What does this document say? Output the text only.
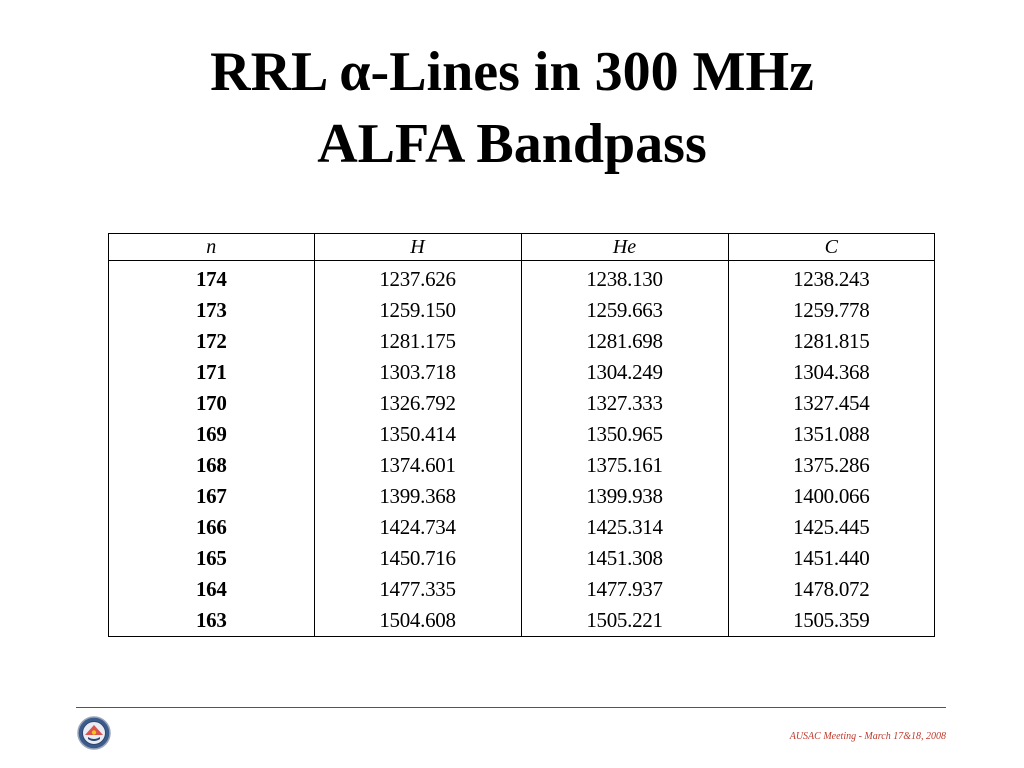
RRL α-Lines in 300 MHz
ALFA Bandpass
n	H	He	C
174	1237.626	1238.130	1238.243
173	1259.150	1259.663	1259.778
172	1281.175	1281.698	1281.815
171	1303.718	1304.249	1304.368
170	1326.792	1327.333	1327.454
169	1350.414	1350.965	1351.088
168	1374.601	1375.161	1375.286
167	1399.368	1399.938	1400.066
166	1424.734	1425.314	1425.445
165	1450.716	1451.308	1451.440
164	1477.335	1477.937	1478.072
163	1504.608	1505.221	1505.359
AUSAC Meeting - March 17&18, 2008
